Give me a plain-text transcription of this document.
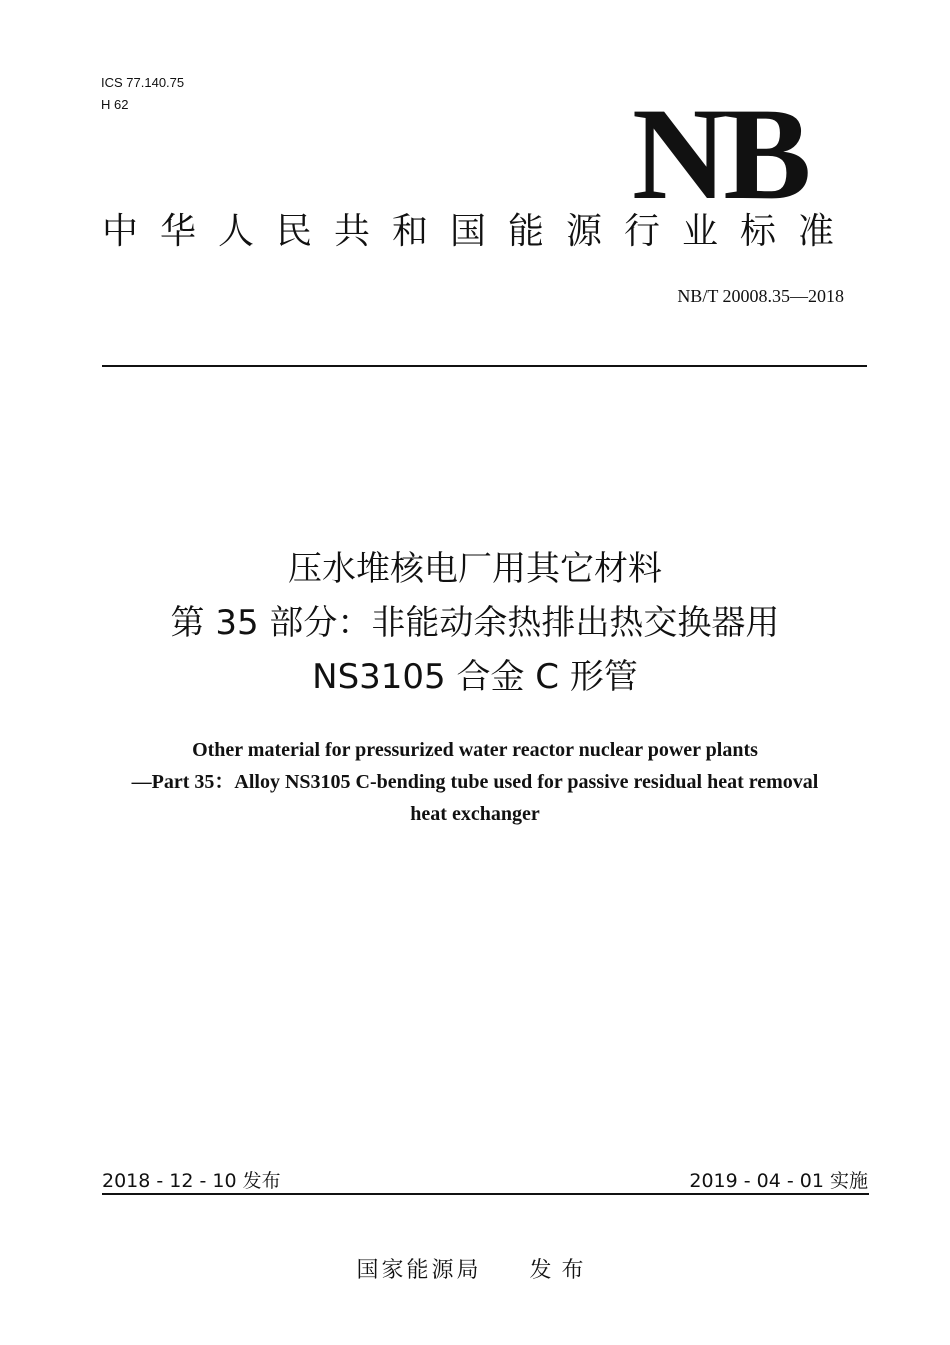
ICS 77.140.75
H 62	NB
中华人民共和国能源行业标准
NB/T 20008.35—2018
压水堆核电厂用其它材料
第 35 部分：非能动余热排出热交换器用
NS3105 合金 C 形管
Other material for pressurized water reactor nuclear power plants
—Part 35：Alloy NS3105 C-bending tube used for passive residual heat removal
heat exchanger
2018 - 12 - 10 发布	2019 - 04 - 01 实施
国家能源局 发布
